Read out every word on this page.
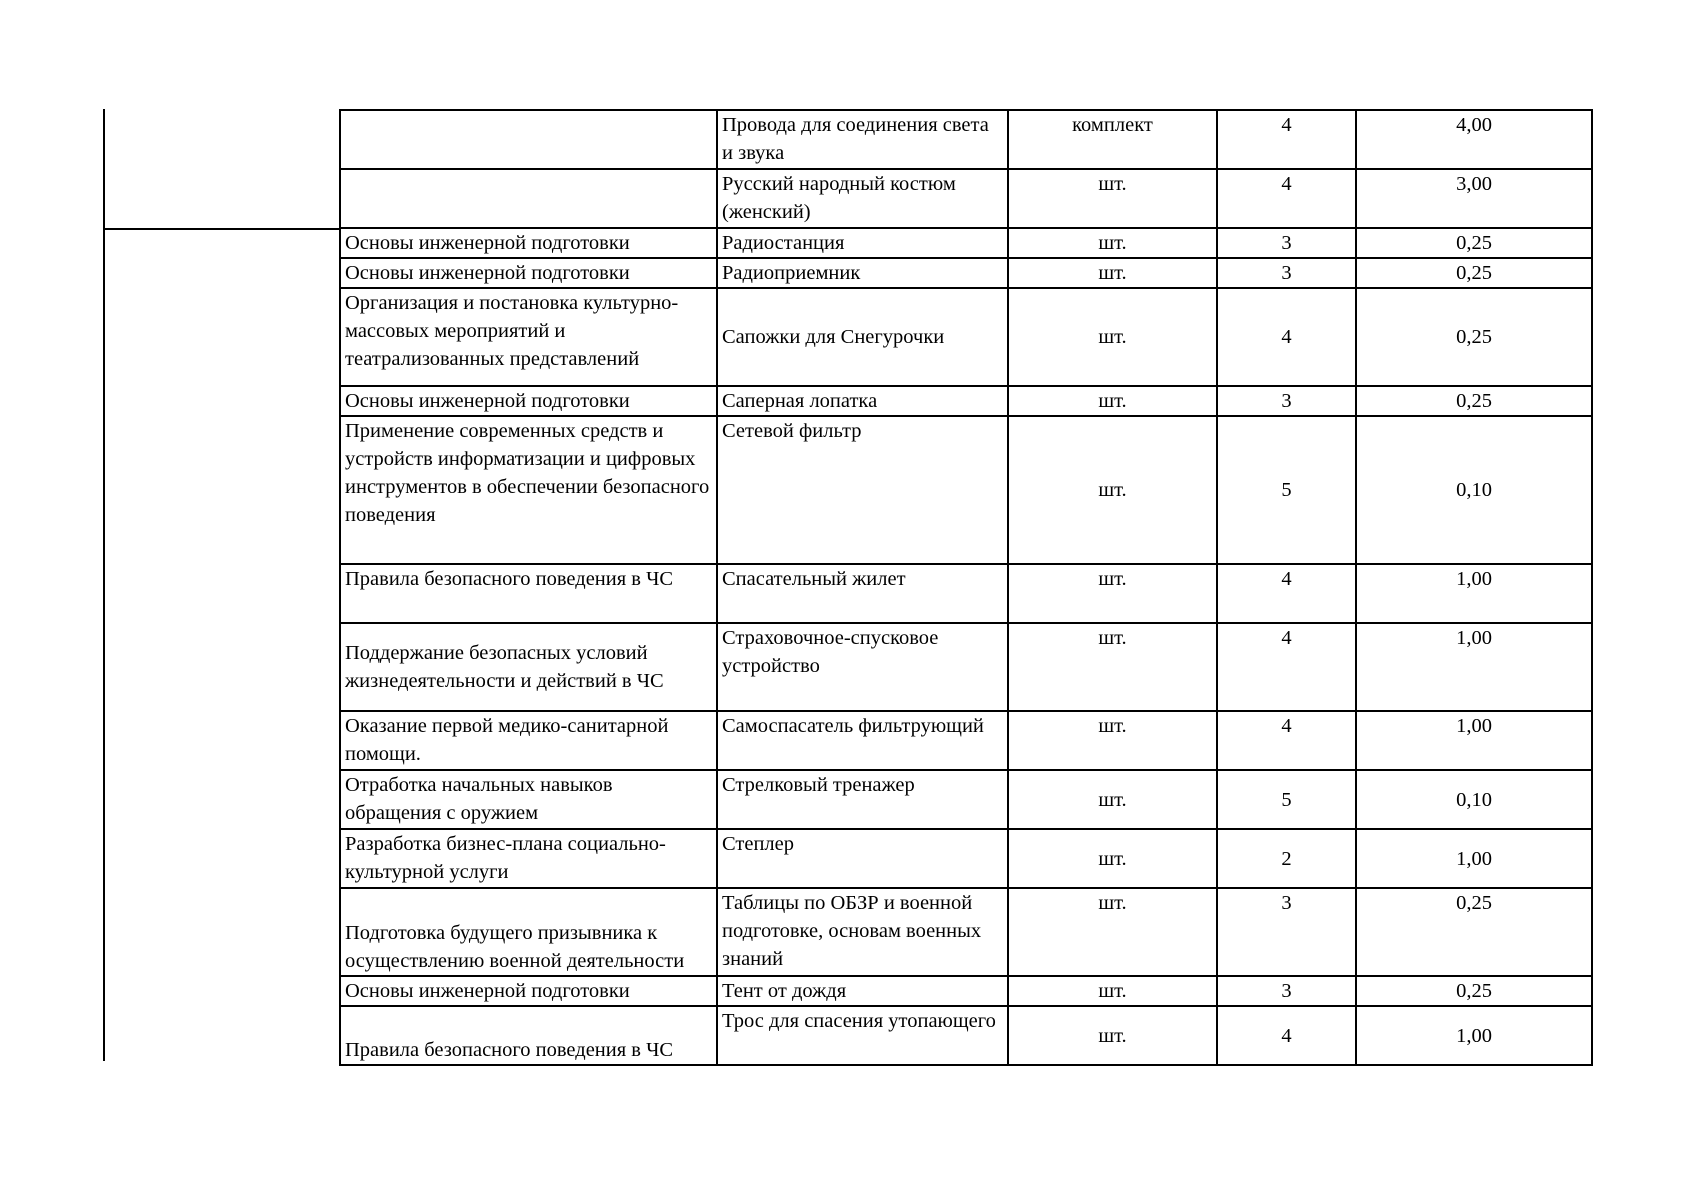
	Провода для соединения света и звука	комплект	4	4,00
	Русский народный костюм (женский)	шт.	4	3,00
Основы инженерной подготовки	Радиостанция	шт.	3	0,25
Основы инженерной подготовки	Радиоприемник	шт.	3	0,25
Организация и постановка культурно-массовых мероприятий и театрализованных представлений	Сапожки для Снегурочки	шт.	4	0,25
Основы инженерной подготовки	Саперная лопатка	шт.	3	0,25
Применение современных средств и устройств информатизации и цифровых инструментов в обеспечении безопасного поведения	Сетевой фильтр	шт.	5	0,10
Правила безопасного поведения в ЧС	Спасательный жилет	шт.	4	1,00
Поддержание безопасных условий жизнедеятельности и действий в ЧС	Страховочное-спусковое устройство	шт.	4	1,00
Оказание первой медико-санитарной помощи.	Самоспасатель фильтрующий	шт.	4	1,00
Отработка начальных навыков обращения с оружием	Стрелковый тренажер	шт.	5	0,10
Разработка бизнес-плана социально-культурной услуги	Степлер	шт.	2	1,00
Подготовка будущего призывника к осуществлению военной деятельности	Таблицы по ОБЗР и военной подготовке, основам военных знаний	шт.	3	0,25
Основы инженерной подготовки	Тент от дождя	шт.	3	0,25
Правила безопасного поведения в ЧС	Трос для спасения утопающего	шт.	4	1,00
